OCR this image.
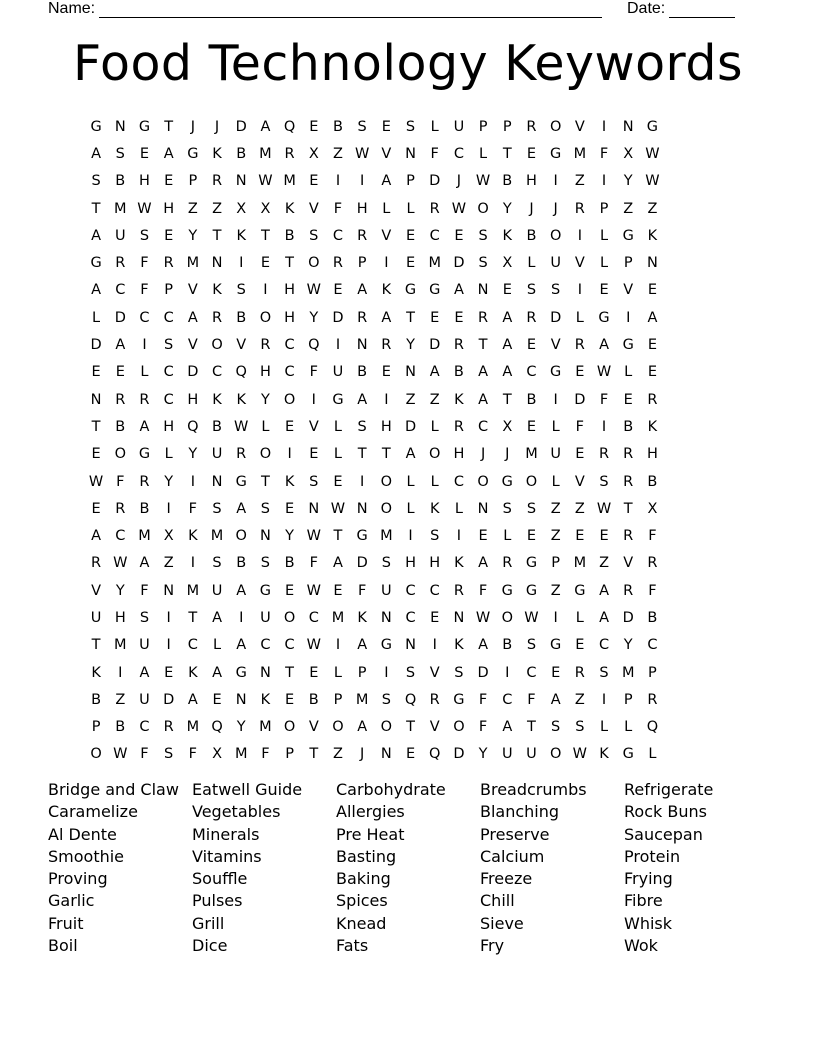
Name:	Date:
Food Technology Keywords
G N G T	J	J	D A Q E	B	S	E	S	L	U	P	P	R O V	I	N G
A	S	E	A G K B M R X Z W V N	F	C	L	T	E G M F	X W
S	B H E	P	R N W M E	I	I	A	P D	J	W B H	I	Z	I	Y W
T M W H Z Z X X K V	F	H	L	L	R W O Y	J	J	R	P	Z Z
A U S	E	Y	T	K	T	B	S	C R V	E	C	E	S	K B O	I	L	G K
G R	F	R M N	I	E	T O R	P	I	E M D S	X	L	U V	L	P N
A C	F	P	V K	S	I	H W E	A K G G A N E	S	S	I	E	V	E
L	D C C A R B O H Y D R A	T	E	E	R A R D	L	G	I	A
D A	I	S	V O V R C Q	I	N R	Y D R	T	A	E	V R A G E
E	E	L	C D C Q H C	F	U B	E N A B A A C G E W L	E
N R R C H K	K	Y O	I	G A	I	Z Z K A	T	B	I	D F	E	R
T	B A H Q B W L	E	V	L	S H D	L	R C X	E	L	F	I	B K
E O G	L	Y U R O	I	E	L	T	T	A O H	J	J	M U E	R R H
W F	R	Y	I	N G T	K	S	E	I	O L	L	C O G O L	V	S	R B
E	R B	I	F	S	A	S	E N W N O L	K	L	N S	S	Z Z W T	X
A C M X K M O N Y W T G M	I	S	I	E	L	E	Z	E	E	R	F
R W A Z	I	S	B	S	B	F	A D S H H K A R G P M Z V R
V	Y	F	N M U A G E W E	F	U C C R	F G G Z G A R	F
U H S	I	T	A	I	U O C M K N C	E N W O W	I	L	A D B
T M U	I	C	L	A C C W	I	A G N	I	K A B	S G E	C	Y	C
K	I	A	E	K A G N T	E	L	P	I	S	V	S D	I	C	E	R	S M P
B Z U D A	E N K	E	B	P M S Q R G F	C	F	A Z	I	P	R
P	B C R M Q Y M O V O A O T	V O F	A	T	S	S	L	L Q
O W F	S	F	X M F	P	T	Z	J	N E Q D Y U U O W K G	L
Bridge and Claw
Caramelize
Al Dente
Smoothie
Proving
Garlic
Fruit
Boil
Eatwell Guide
Vegetables
Minerals
Vitamins
Souffle
Pulses
Grill
Dice
Carbohydrate
Allergies
Pre Heat
Basting
Baking
Spices
Knead
Fats
Breadcrumbs
Blanching
Preserve
Calcium
Freeze
Chill
Sieve
Fry
Refrigerate
Rock Buns
Saucepan
Protein
Frying
Fibre
Whisk
Wok
